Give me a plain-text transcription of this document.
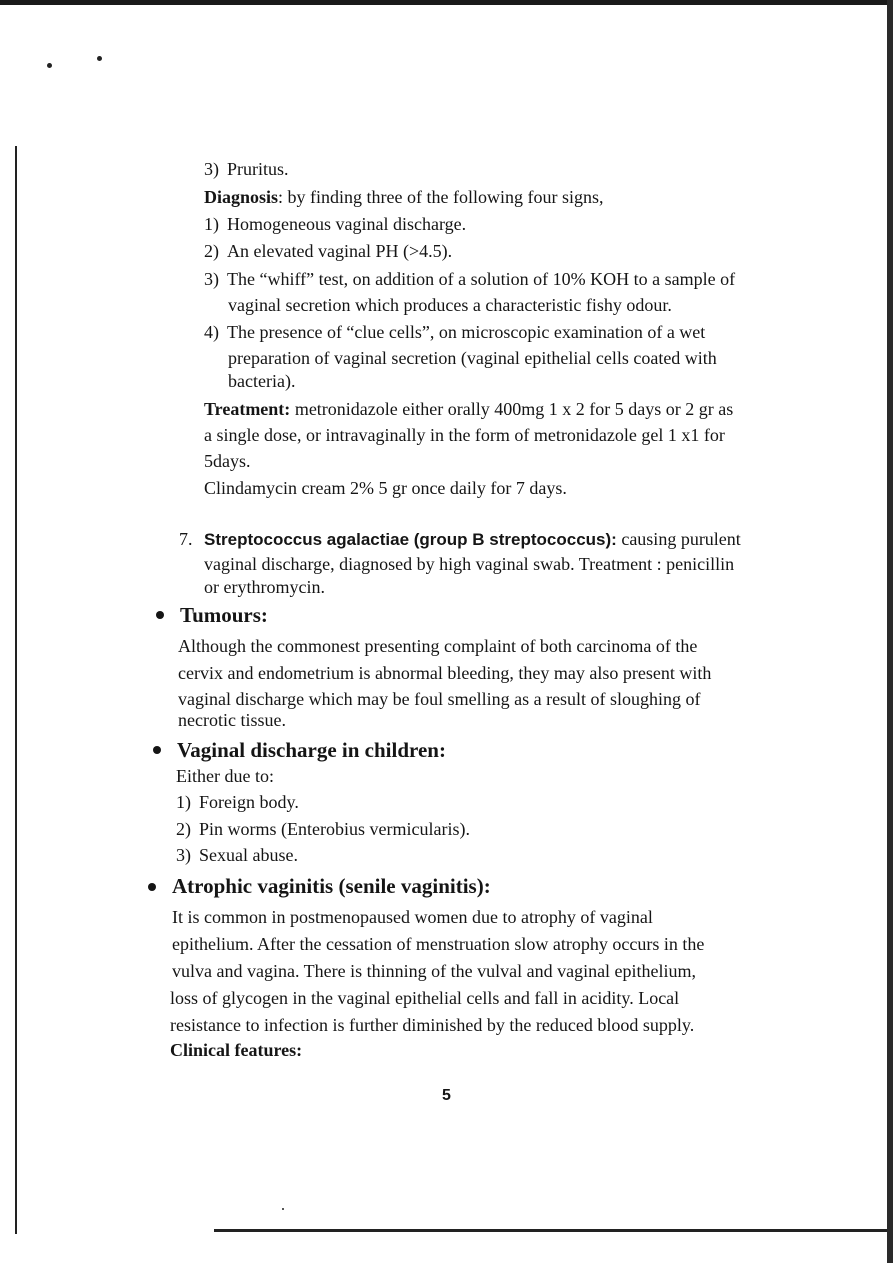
3) Pruritus.
Diagnosis: by finding three of the following four signs,
1) Homogeneous vaginal discharge.
2) An elevated vaginal PH (>4.5).
3) The “whiff” test, on addition of a solution of 10% KOH to a sample of
vaginal secretion which produces a characteristic fishy odour.
4) The presence of “clue cells”, on microscopic examination of a wet
preparation of vaginal secretion (vaginal epithelial cells coated with
bacteria).
Treatment: metronidazole either orally 400mg 1 x 2 for 5 days or 2 gr as
a single dose, or intravaginally in the form of metronidazole gel 1 x1 for
5days.
Clindamycin cream 2% 5 gr once daily for 7 days.
7. Streptococcus agalactiae (group B streptococcus): causing purulent
vaginal discharge, diagnosed by high vaginal swab. Treatment : penicillin
or erythromycin.
Tumours:
Although the commonest presenting complaint of both carcinoma of the
cervix and endometrium is abnormal bleeding, they may also present with
vaginal discharge which may be foul smelling as a result of sloughing of
necrotic tissue.
Vaginal discharge in children:
Either due to:
1) Foreign body.
2) Pin worms (Enterobius vermicularis).
3) Sexual abuse.
Atrophic vaginitis (senile vaginitis):
It is common in postmenopaused women due to atrophy of vaginal
epithelium. After the cessation of menstruation slow atrophy occurs in the
vulva and vagina. There is thinning of the vulval and vaginal epithelium,
loss of glycogen in the vaginal epithelial cells and fall in acidity. Local
resistance to infection is further diminished by the reduced blood supply.
Clinical features:
5
